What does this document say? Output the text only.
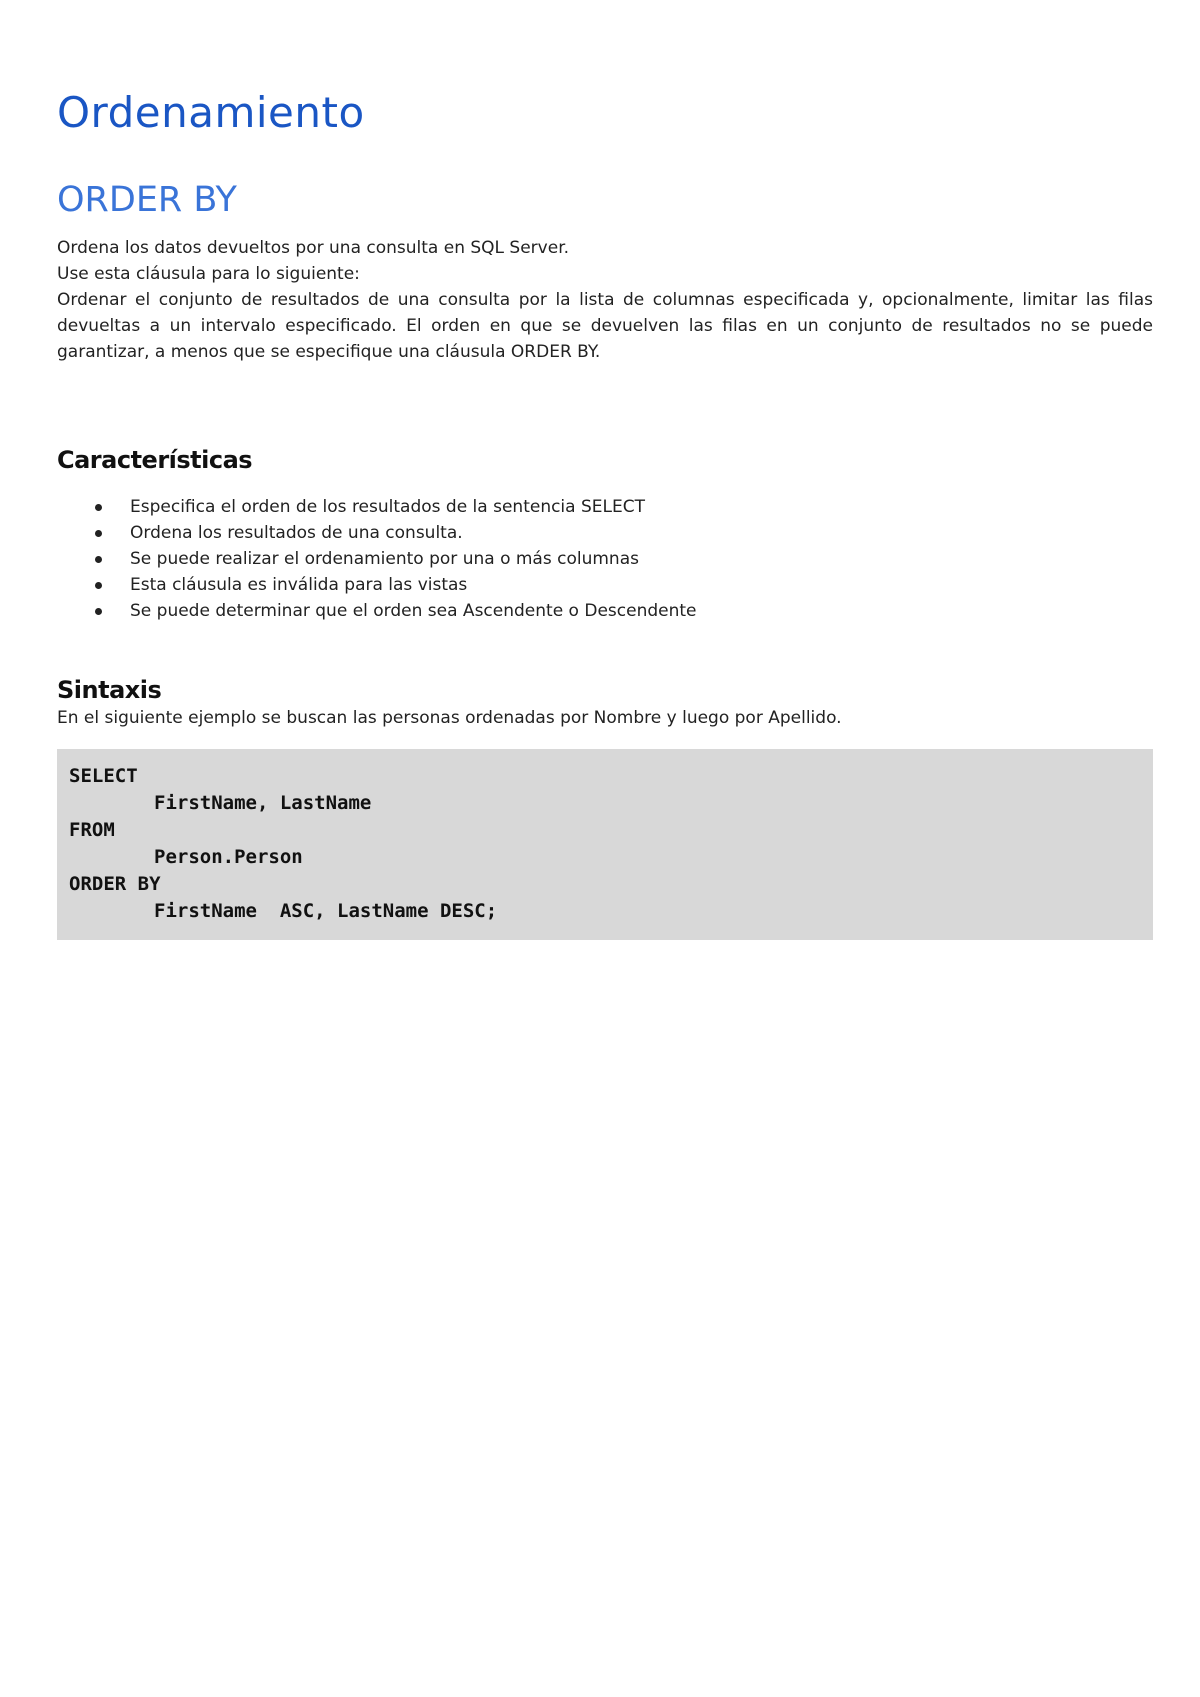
Ordenamiento
ORDER BY

Ordena los datos devueltos por una consulta en SQL Server.

Use esta cláusula para lo siguiente:

Ordenar el conjunto de resultados de una consulta por la lista de columnas especificada y, opcionalmente, limitar las filas devueltas a un intervalo especificado. El orden en que se devuelven las filas en un conjunto de resultados no se puede garantizar, a menos que se especifique una cláusula ORDER BY.

Características
Especifica el orden de los resultados de la sentencia SELECT
Ordena los resultados de una consulta.
Se puede realizar el ordenamiento por una o más columnas
Esta cláusula es inválida para las vistas
Se puede determinar que el orden sea Ascendente o Descendente
Sintaxis

En el siguiente ejemplo se buscan las personas ordenadas por Nombre y luego por Apellido.

SELECT
FirstName, LastName
FROM
Person.Person
ORDER BY
FirstName  ASC, LastName DESC;
